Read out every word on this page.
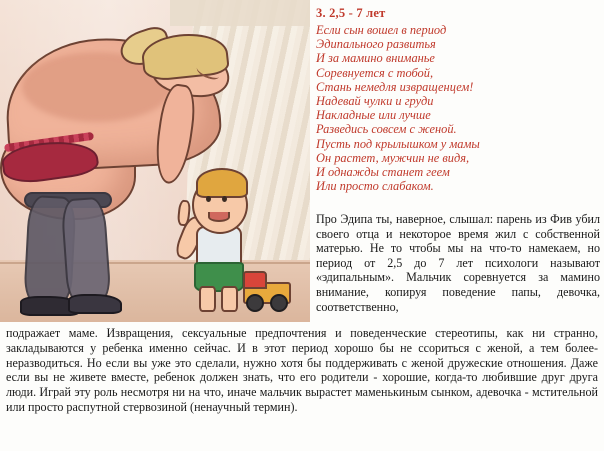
3. 2,5 - 7 лет

Если сын вошел в период
Эдипального развитья
И за мамино вниманье
Соревнуется с тобой,
Стань немедля извращенцем!
Надевай чулки и груди
Накладные или лучше
Разведись совсем с женой.
Пусть под крылышком у мамы
Он растет, мужчин не видя,
И однажды станет геем
Или просто слабаком.
Про Эдипа ты, наверное, слышал: парень из Фив убил своего отца и некоторое время жил с собственной матерью. Не то чтобы мы на что-то намекаем, но период от 2,5 до 7 лет психологи называют «эдипальным». Мальчик соревнуется за мамино внимание, копируя поведение папы, девочка, соответственно,
подражает маме. Извращения, сексуальные предпочтения и поведенческие стереотипы, как ни странно, закладываются у ребенка именно сейчас. И в этот период хорошо бы не ссориться с женой, а тем более- неразводиться. Но если вы уже это сделали, нужно хотя бы поддерживать с женой дружеские отношения. Даже если вы не живете вместе, ребенок должен знать, что его родители - хорошие, когда-то любившие друг друга люди. Играй эту роль несмотря ни на что, иначе мальчик вырастет маменькиным сынком, адевочка - мстительной или просто распутной стервозиной (ненаучный термин).
